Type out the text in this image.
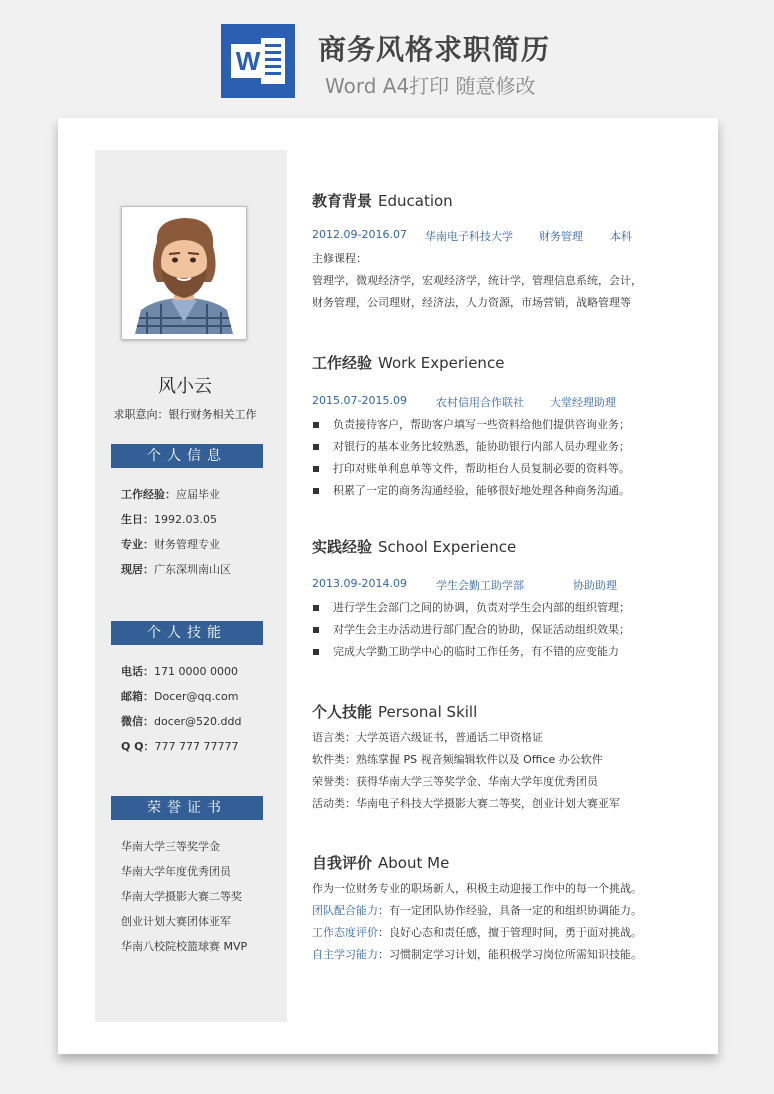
W 商务风格求职简历
Word A4打印 随意修改
风小云
求职意向：银行财务相关工作
个人信息
工作经验：应届毕业
生日：1992.03.05
专业：财务管理专业
现居：广东深圳南山区
个人技能
电话：171 0000 0000
邮箱：Docer@qq.com
微信：docer@520.ddd
Q Q：777 777 77777
荣誉证书
华南大学三等奖学金
华南大学年度优秀团员
华南大学摄影大赛二等奖
创业计划大赛团体亚军
华南八校院校篮球赛 MVP
教育背景 Education
2012.09-2016.07 华南电子科技大学 财务管理 本科
主修课程：
管理学，微观经济学，宏观经济学，统计学，管理信息系统，会计，
财务管理，公司理财，经济法，人力资源，市场营销，战略管理等
工作经验 Work Experience
2015.07-2015.09	农村信用合作联社 大堂经理助理
负责接待客户，帮助客户填写一些资料给他们提供咨询业务；
对银行的基本业务比较熟悉，能协助银行内部人员办理业务；
打印对账单利息单等文件，帮助柜台人员复制必要的资料等。
积累了一定的商务沟通经验，能够很好地处理各种商务沟通。
实践经验 School Experience
2013.09-2014.09	学生会勤工助学部	协助助理
进行学生会部门之间的协调，负责对学生会内部的组织管理；
对学生会主办活动进行部门配合的协助，保证活动组织效果；
完成大学勤工助学中心的临时工作任务，有不错的应变能力
个人技能 Personal Skill
语言类：大学英语六级证书，普通话二甲资格证
软件类：熟练掌握 PS 视音频编辑软件以及 Office 办公软件
荣誉类：获得华南大学三等奖学金、华南大学年度优秀团员
活动类：华南电子科技大学摄影大赛二等奖，创业计划大赛亚军
自我评价 About Me
作为一位财务专业的职场新人，积极主动迎接工作中的每一个挑战。
团队配合能力：有一定团队协作经验，具备一定的和组织协调能力。
工作态度评价：良好心态和责任感，擅于管理时间，勇于面对挑战。
自主学习能力：习惯制定学习计划，能积极学习岗位所需知识技能。
